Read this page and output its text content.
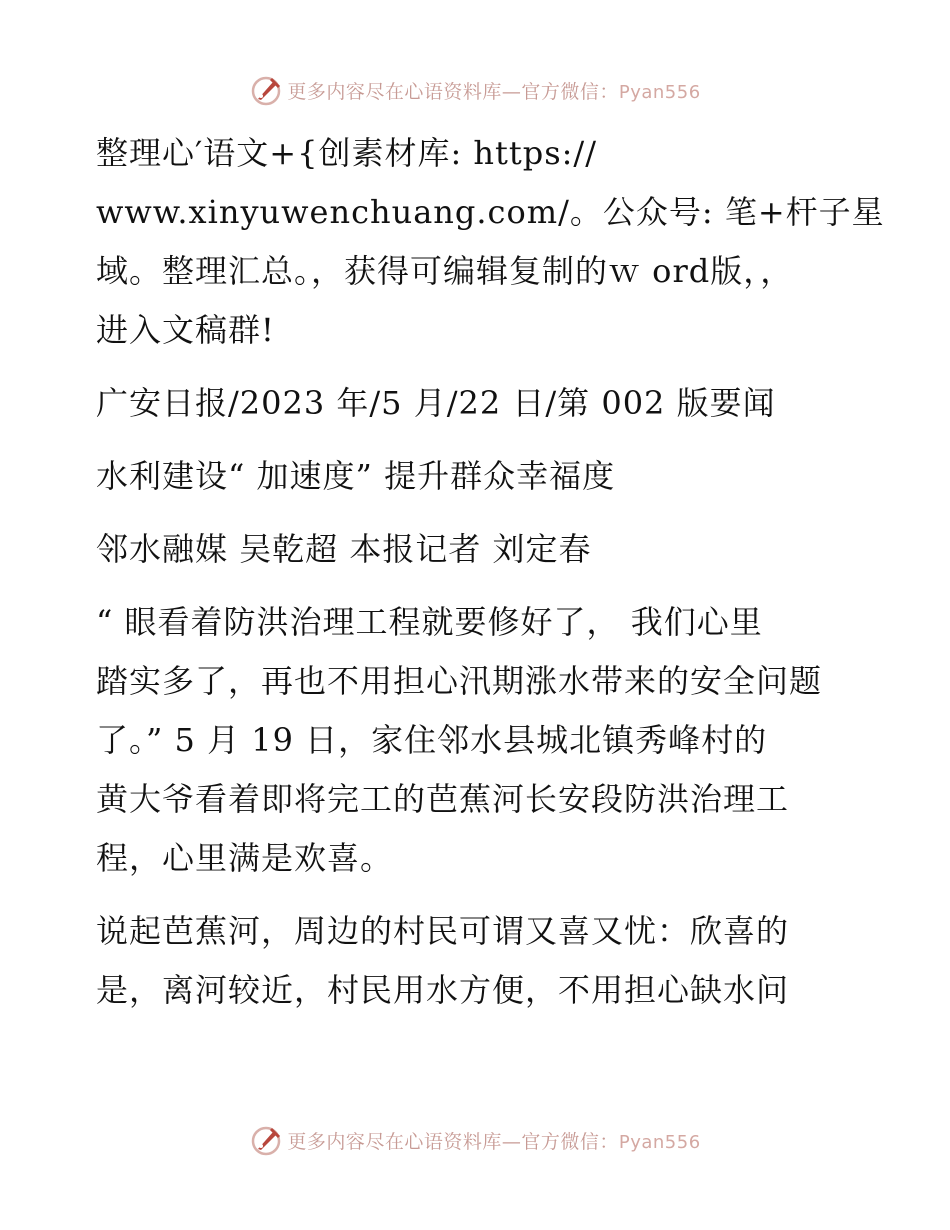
更多内容尽在心语资料库—官方微信：Pyan556
整理心′语文+{创素材库: https://
www.xinyuwenchuang.com/。公众号: 笔+杆子星
域。整理汇总。，获得可编辑复制的ｗ ord版，，
进入文稿群!
广安日报/2023 年/5 月/22 日/第 002 版要闻
水利建设“ 加速度” 提升群众幸福度
邻水融媒 吴乾超 本报记者 刘定春
“ 眼看着防洪治理工程就要修好了， 我们心里
踏实多了，再也不用担心汛期涨水带来的安全问题
了。” 5 月 19 日，家住邻水县城北镇秀峰村的
黄大爷看着即将完工的芭蕉河长安段防洪治理工
程，心里满是欢喜。
说起芭蕉河，周边的村民可谓又喜又忧：欣喜的
是，离河较近，村民用水方便，不用担心缺水问
更多内容尽在心语资料库—官方微信：Pyan556
